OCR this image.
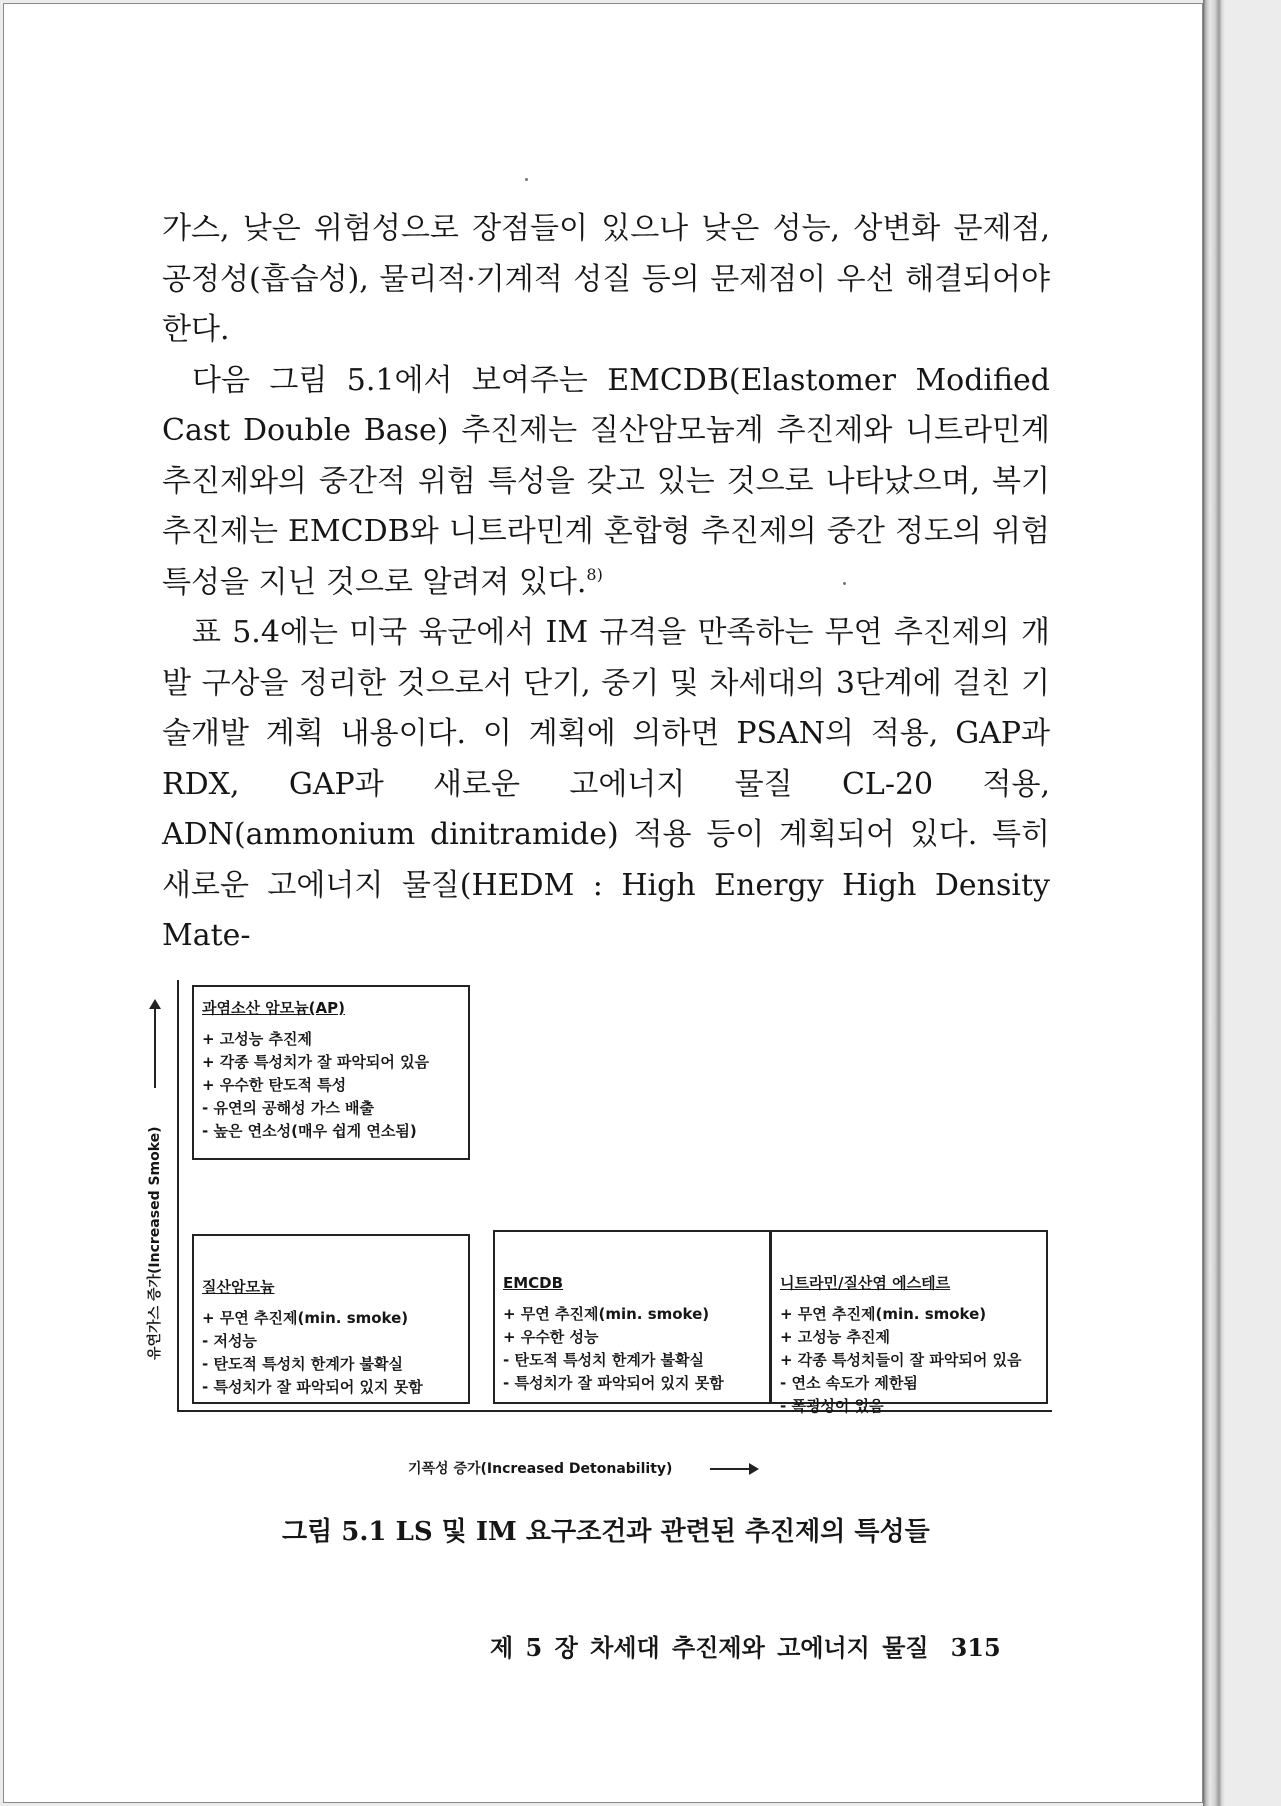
가스, 낮은 위험성으로 장점들이 있으나 낮은 성능, 상변화 문제점, 공정성(흡습성), 물리적·기계적 성질 등의 문제점이 우선 해결되어야 한다.

다음 그림 5.1에서 보여주는 EMCDB(Elastomer Modified Cast Double Base) 추진제는 질산암모늄계 추진제와 니트라민계 추진제와의 중간적 위험 특성을 갖고 있는 것으로 나타났으며, 복기 추진제는 EMCDB와 니트라민계 혼합형 추진제의 중간 정도의 위험 특성을 지닌 것으로 알려져 있다.$^{8)}$

표 5.4에는 미국 육군에서 IM 규격을 만족하는 무연 추진제의 개발 구상을 정리한 것으로서 단기, 중기 및 차세대의 3단계에 걸친 기술개발 계획 내용이다. 이 계획에 의하면 PSAN의 적용, GAP과 RDX, GAP과 새로운 고에너지 물질 CL-20 적용, ADN(ammonium dinitramide) 적용 등이 계획되어 있다. 특히 새로운 고에너지 물질(HEDM : High Energy High Density Mate-

유연가스 증가(Increased Smoke)
기폭성 증가(Increased Detonability)
과염소산 암모늄(AP)
+ 고성능 추진제
+ 각종 특성치가 잘 파악되어 있음
+ 우수한 탄도적 특성
- 유연의 공해성 가스 배출
- 높은 연소성(매우 쉽게 연소됨)
질산암모늄
+ 무연 추진제(min. smoke)
- 저성능
- 탄도적 특성치 한계가 불확실
- 특성치가 잘 파악되어 있지 못함
EMCDB
+ 무연 추진제(min. smoke)
+ 우수한 성능
- 탄도적 특성치 한계가 불확실
- 특성치가 잘 파악되어 있지 못함
니트라민/질산염 에스테르
+ 무연 추진제(min. smoke)
+ 고성능 추진제
+ 각종 특성치들이 잘 파악되어 있음
- 연소 속도가 제한됨
- 폭굉성이 있음
그림 5.1 LS 및 IM 요구조건과 관련된 추진제의 특성들
제 5 장 차세대 추진제와 고에너지 물질 315
